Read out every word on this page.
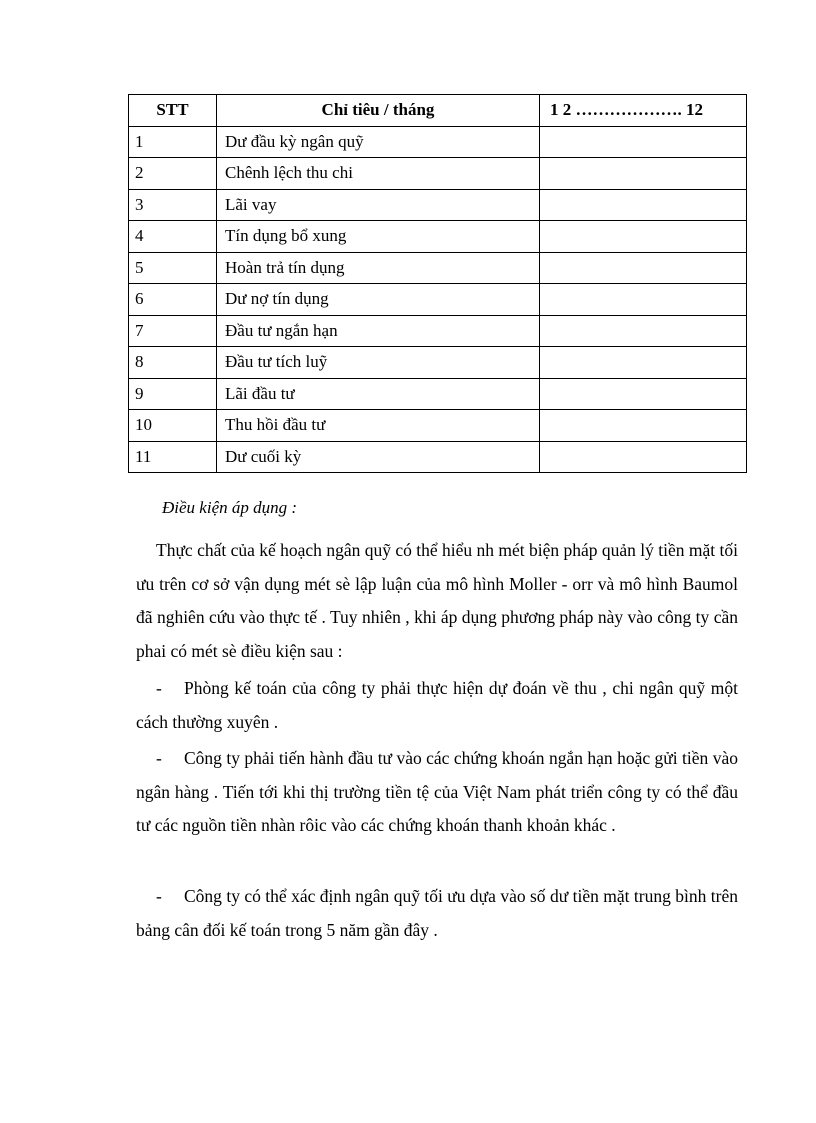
STT	Chỉ tiêu / tháng	1 2 ………………. 12
1	Dư đầu kỳ ngân quỹ	
2	Chênh lệch thu chi	
3	Lãi vay	
4	Tín dụng bổ xung	
5	Hoàn trả tín dụng	
6	Dư nợ tín dụng	
7	Đầu tư ngắn hạn	
8	Đầu tư tích luỹ	
9	Lãi đầu tư	
10	Thu hồi đầu tư	
11	Dư cuối kỳ	

Điều kiện áp dụng :

Thực chất của kế hoạch ngân quỹ có thể hiểu nh mét biện pháp quản lý tiền mặt tối ưu trên cơ sở vận dụng mét sè lập luận của mô hình Moller - orr và mô hình Baumol đã nghiên cứu vào thực tế . Tuy nhiên , khi áp dụng phương pháp này vào công ty cần phai có mét sè điều kiện sau :

- Phòng kế toán của công ty phải thực hiện dự đoán về thu , chi ngân quỹ một cách thường xuyên .

- Công ty phải tiến hành đầu tư vào các chứng khoán ngắn hạn hoặc gửi tiền vào ngân hàng . Tiến tới khi thị trường tiền tệ của Việt Nam phát triển công ty có thể đầu tư các nguồn tiền nhàn rôic vào các chứng khoán thanh khoản khác .

- Công ty có thể xác định ngân quỹ tối ưu dựa vào số dư tiền mặt trung bình trên bảng cân đối kế toán trong 5 năm gần đây .
